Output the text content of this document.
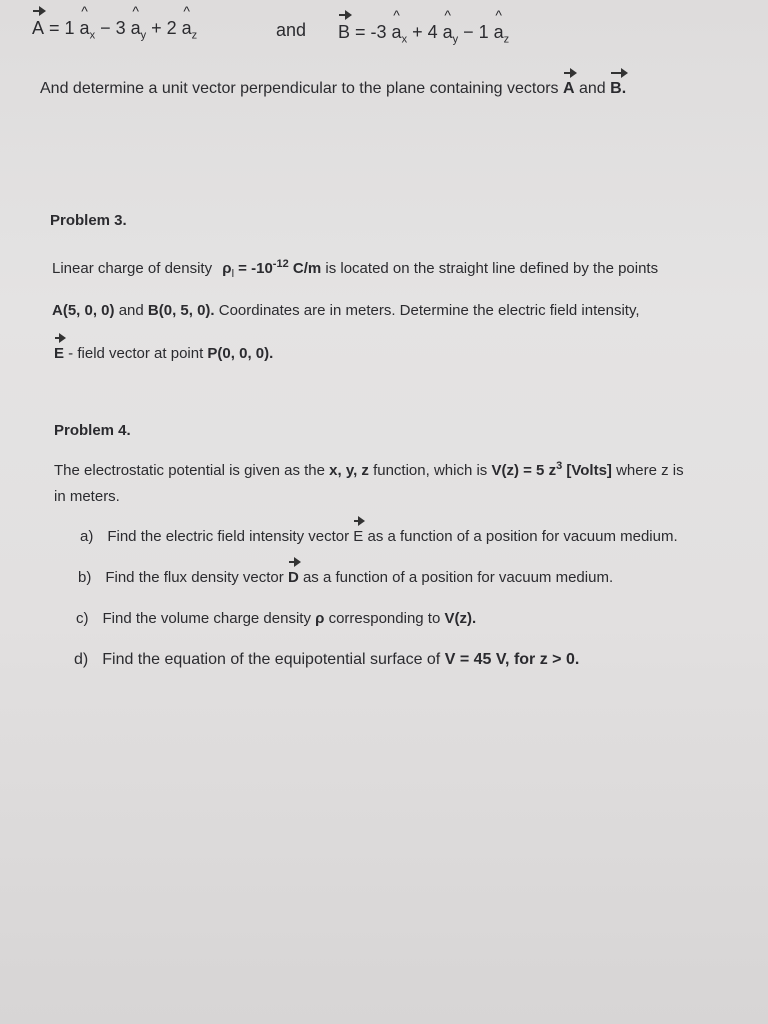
A = 1 ^ $a_x - 3$ ^ $a_y + 2$ ^ $a_z$	and B = -3 ^ $a_x + 4$ ^ $a_y - 1$ ^ $a_z$
And determine a unit vector perpendicular to the plane containing vectors A and B.
Problem 3.
Linear charge of density $\rho_l = -10^{-12}$ C/m is located on the straight line defined by the points
A(5, 0, 0) and B(0, 5, 0). Coordinates are in meters. Determine the electric field intensity,
E - field vector at point P(0, 0, 0).
Problem 4.
The electrostatic potential is given as the x, y, z function, which is V(z) = 5 $z^3$ [Volts] where z is
in meters.
a) Find the electric field intensity vector E as a function of a position for vacuum medium.
b) Find the flux density vector D as a function of a position for vacuum medium.
c) Find the volume charge density ρ corresponding to V(z).
d) Find the equation of the equipotential surface of V = 45 V, for z > 0.
